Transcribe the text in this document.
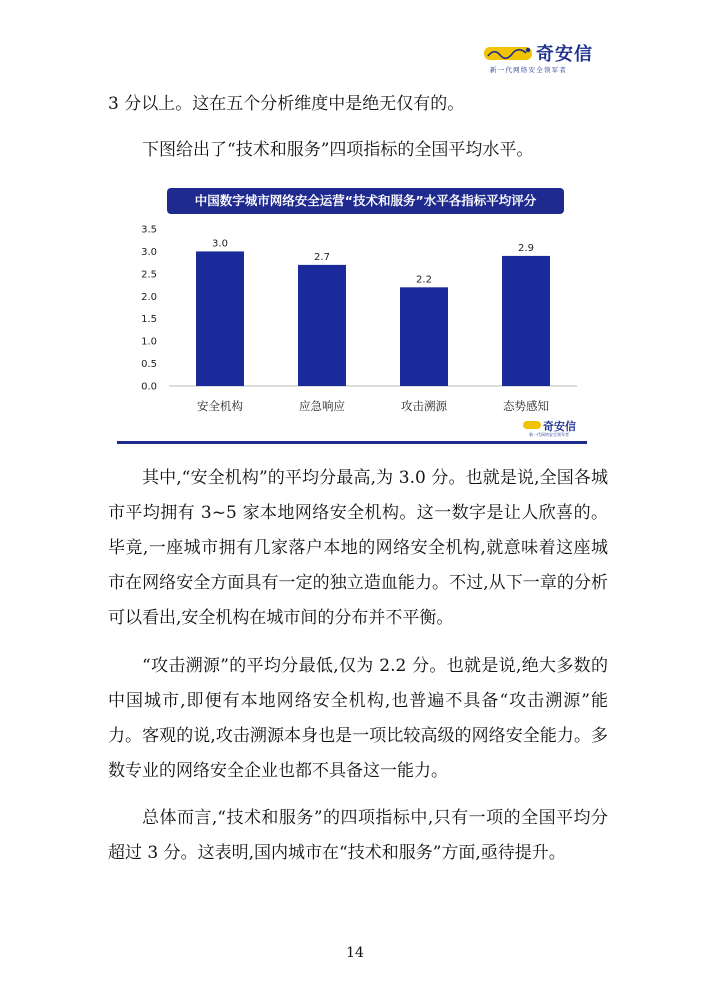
奇安信
新一代网络安全领军者

3 分以上。这在五个分析维度中是绝无仅有的。

下图给出了“技术和服务”四项指标的全国平均水平。

中国数字城市网络安全运营“技术和服务”水平各指标平均评分
0.0
0.5
1.0
1.5
2.0
2.5
3.0
3.5
3.0
安全机构
2.7
应急响应
2.2
攻击溯源
2.9
态势感知
奇安信
新一代网络安全领军者

其中,“安全机构”的平均分最高,为 3.0 分。也就是说,全国各城市平均拥有 3~5 家本地网络安全机构。这一数字是让人欣喜的。毕竟,一座城市拥有几家落户本地的网络安全机构,就意味着这座城市在网络安全方面具有一定的独立造血能力。不过,从下一章的分析可以看出,安全机构在城市间的分布并不平衡。

“攻击溯源”的平均分最低,仅为 2.2 分。也就是说,绝大多数的中国城市,即便有本地网络安全机构,也普遍不具备“攻击溯源”能力。客观的说,攻击溯源本身也是一项比较高级的网络安全能力。多数专业的网络安全企业也都不具备这一能力。

总体而言,“技术和服务”的四项指标中,只有一项的全国平均分超过 3 分。这表明,国内城市在“技术和服务”方面,亟待提升。

14
